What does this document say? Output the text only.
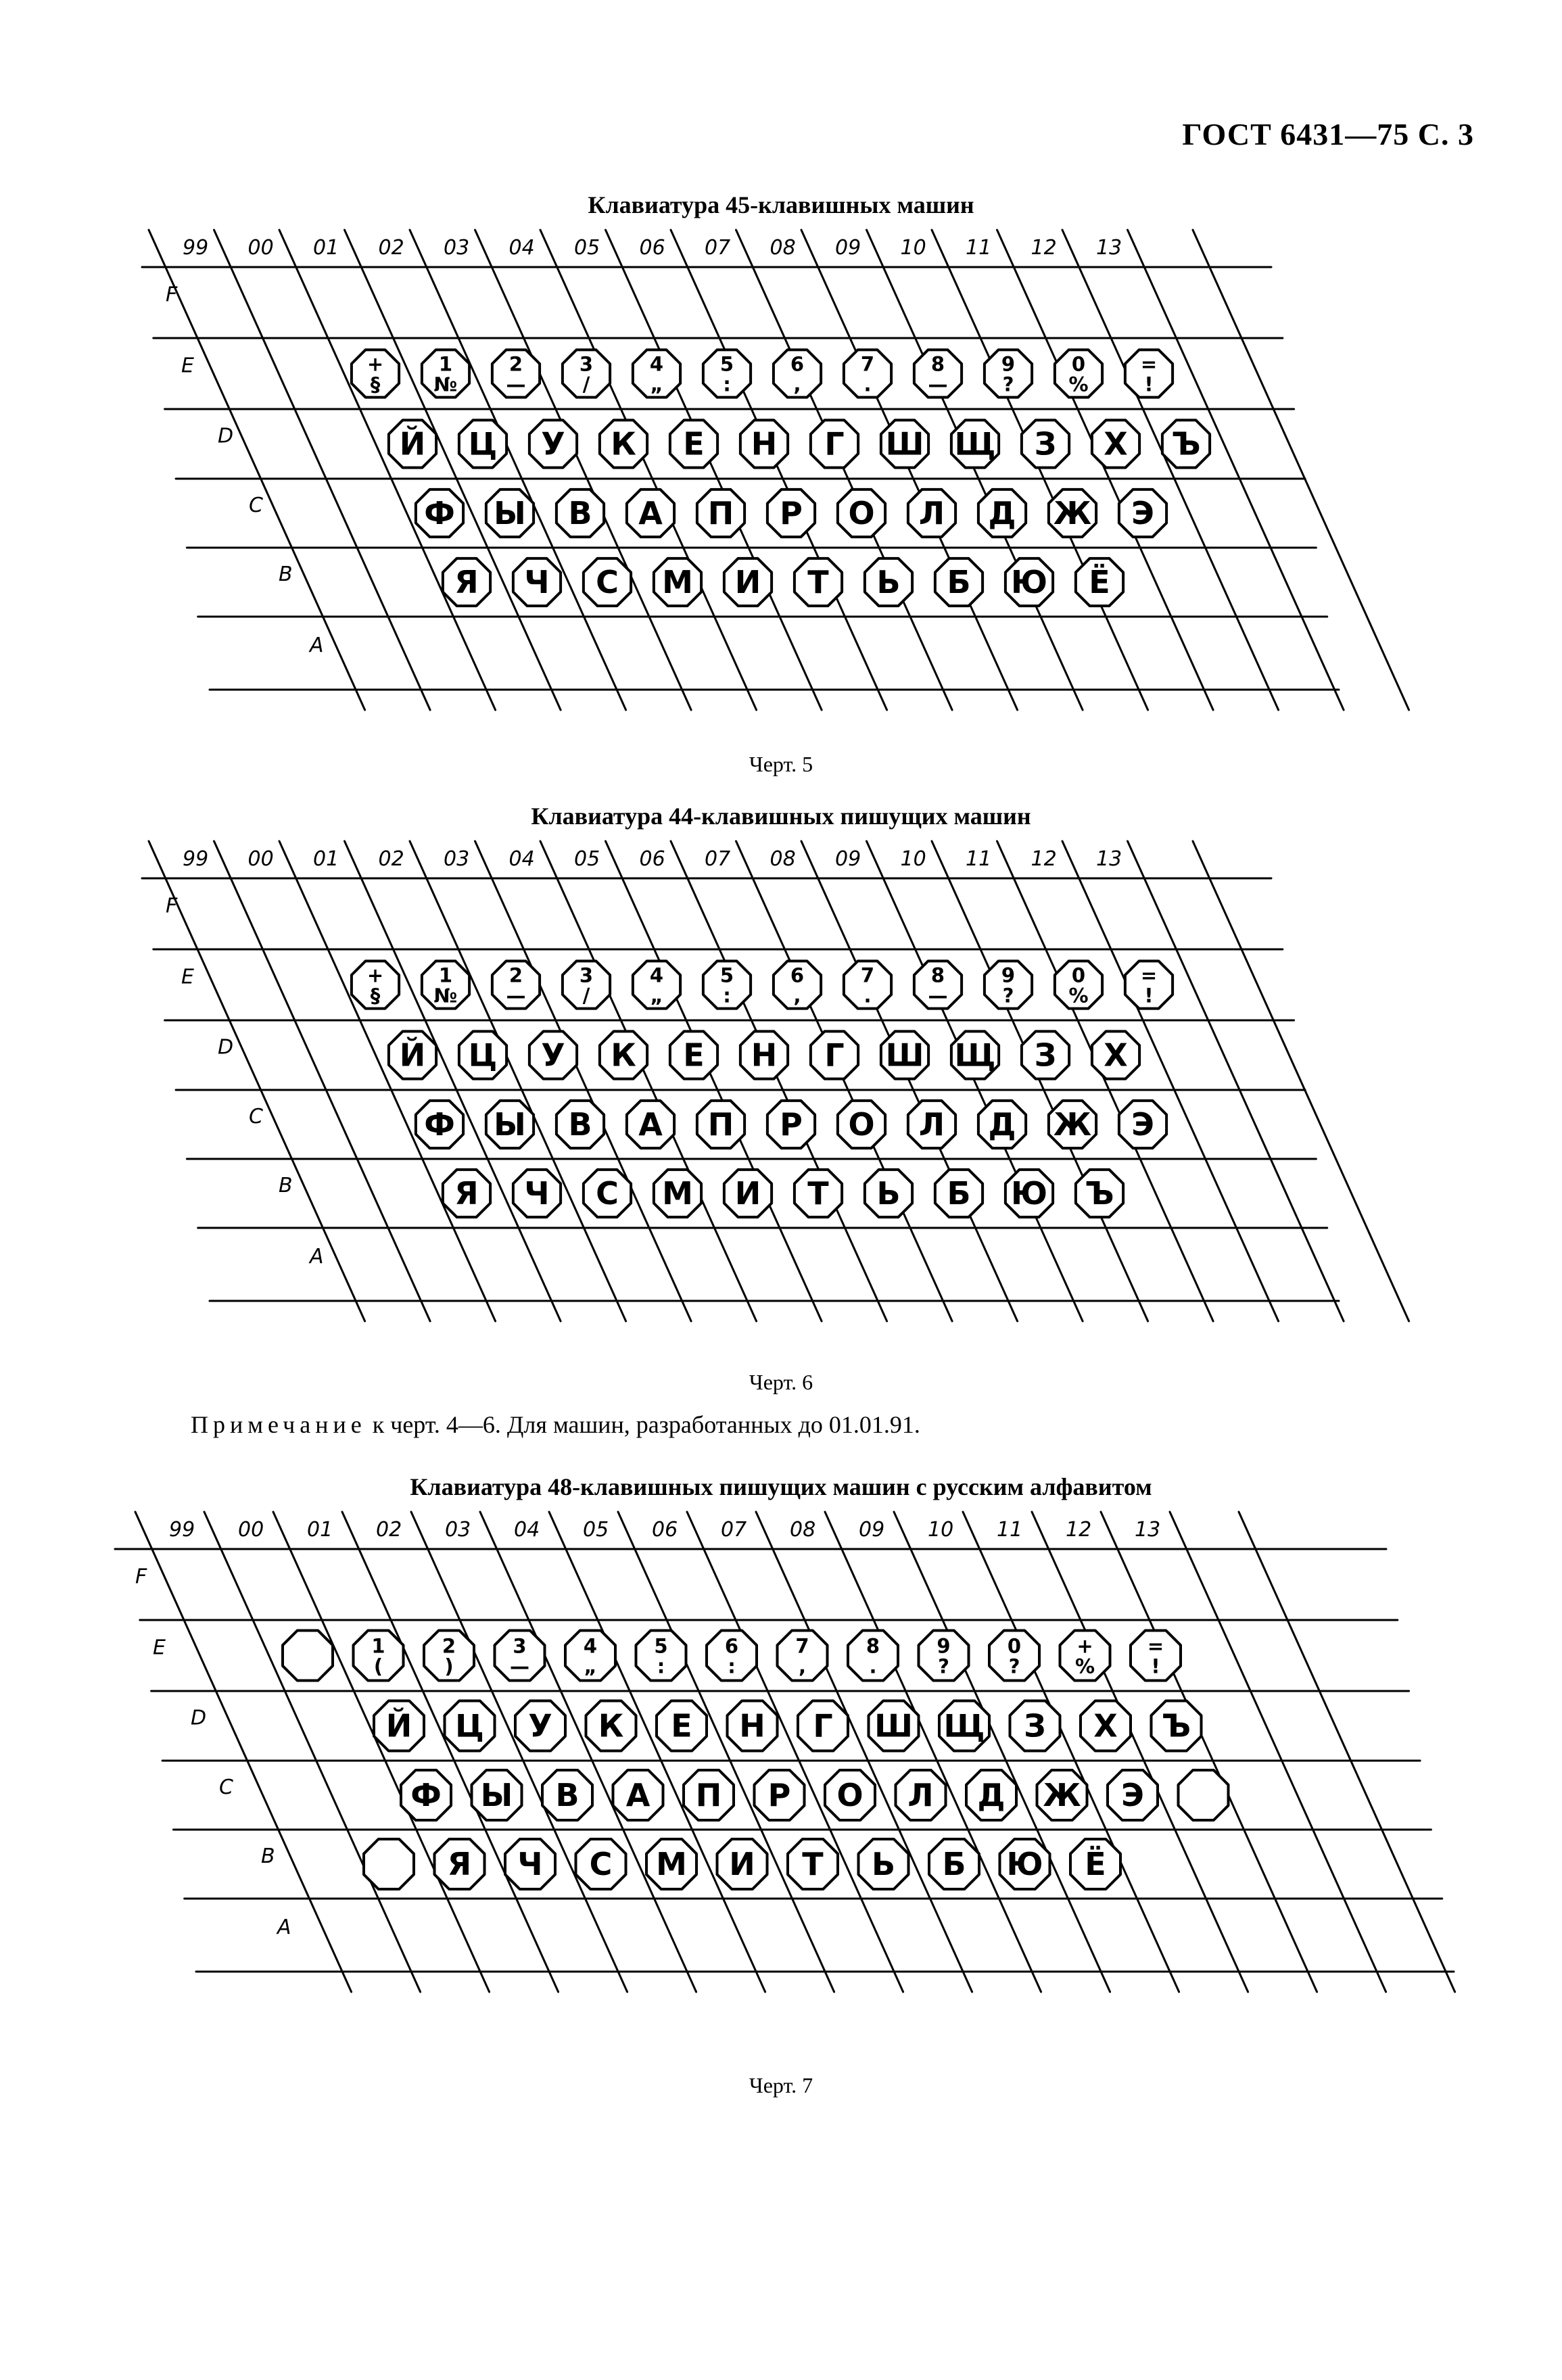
ГОСТ 6431—75 С. 3
Клавиатура 45-клавишных машин
99 00 01 02 03 04 05 06 07 08 09 10 11 12 13
F
E
D
C
B
A
+
§
1
№
2
—
3
/
4
„
5
:
6
,
7
.
8
—
9
?
0
%
=
!
Й Ц У К Е Н Г Ш Щ З Х Ъ
Ф Ы В А П Р О Л Д Ж Э
Я Ч С М И Т Ь Б Ю Ё
Черт. 5
Клавиатура 44-клавишных пишущих машин
99 00 01 02 03 04 05 06 07 08 09 10 11 12 13
F
E
D
C
B
A
+
§
1
№
2
—
3
/
4
„
5
:
6
,
7
.
8
—
9
?
0
%
=
!
Й Ц У К Е Н Г Ш Щ З Х
Ф Ы В А П Р О Л Д Ж Э
Я Ч С М И Т Ь Б Ю Ъ
Черт. 6
Примечание к черт. 4—6. Для машин, разработанных до 01.01.91.
Клавиатура 48-клавишных пишущих машин с русским алфавитом
99 00 01 02 03 04 05 06 07 08 09 10 11 12 13
F
E
D
C
B
A
1
(
2
)
3
—
4
„
5
:
6
:
7
,
8
.
9
?
0
?
+
%
=
!
Й Ц У К Е Н Г Ш Щ З Х Ъ
Ф Ы В А П Р О Л Д Ж Э
Я Ч С М И Т Ь Б Ю Ё
Черт. 7
